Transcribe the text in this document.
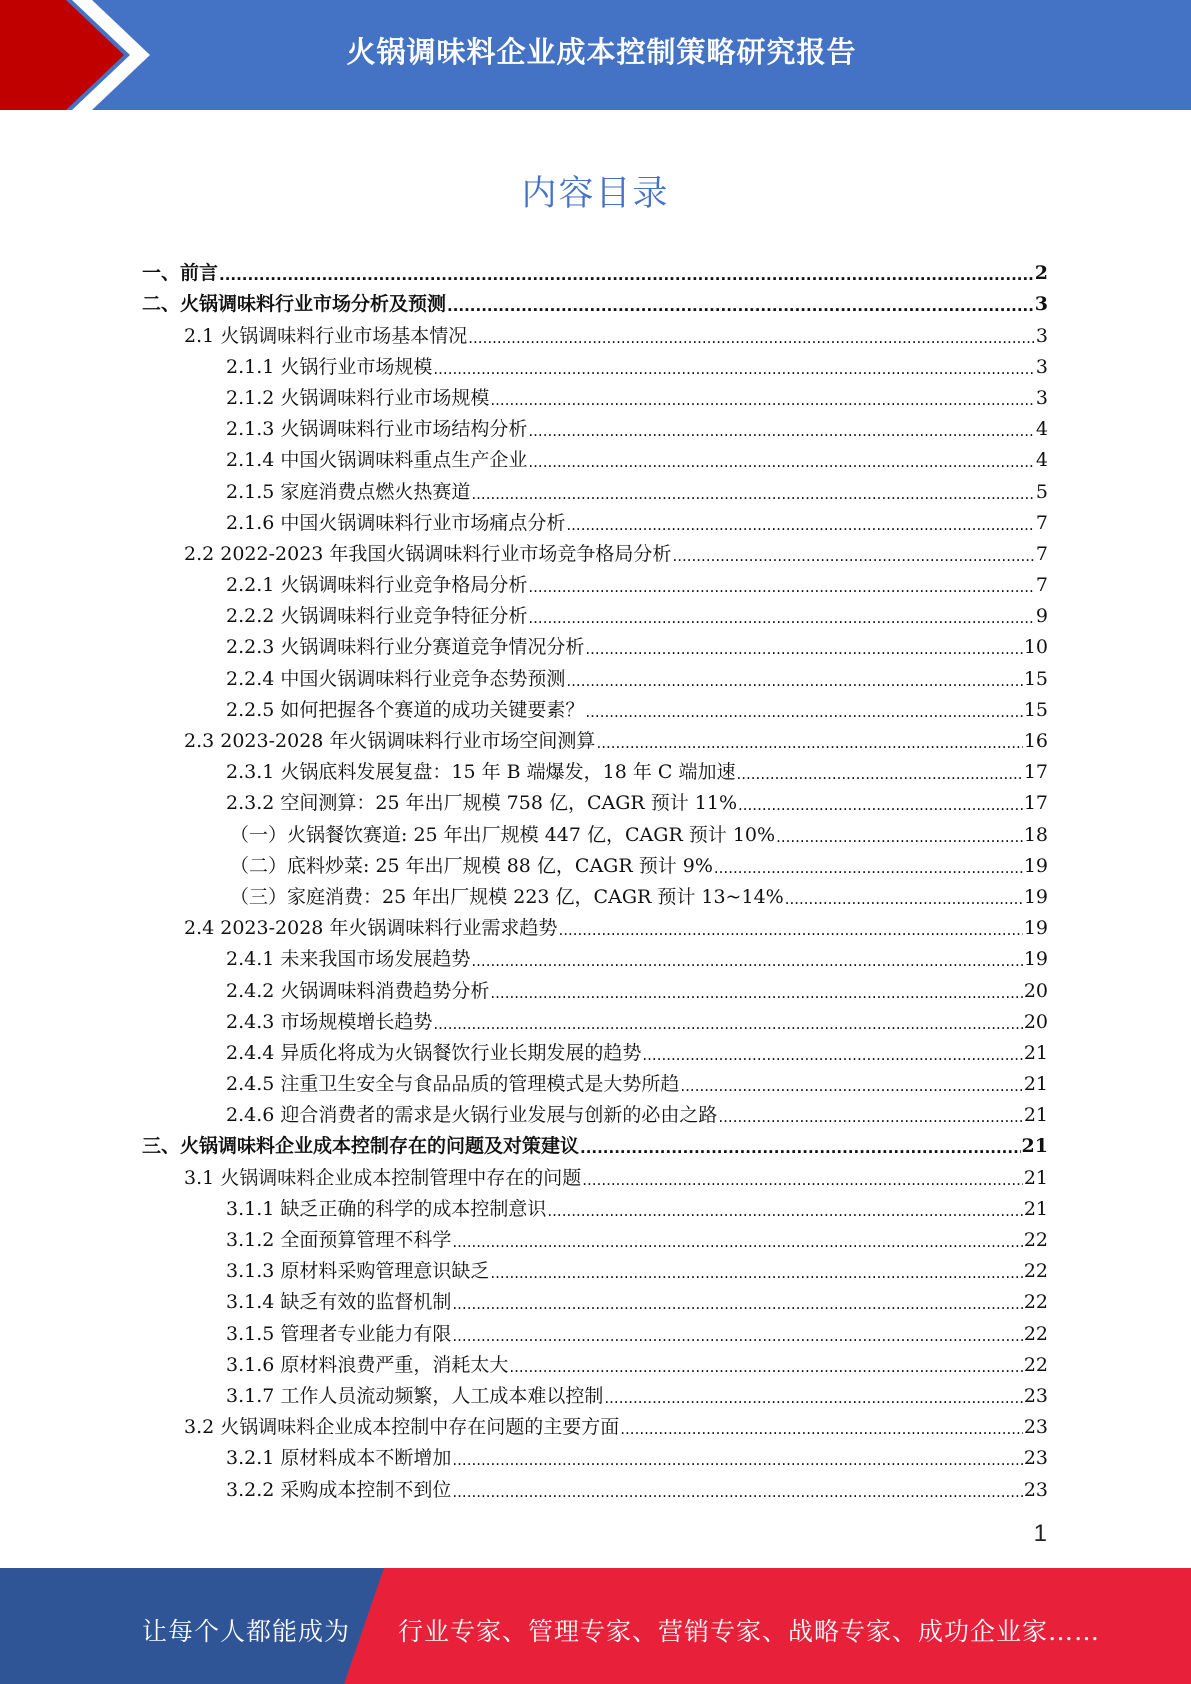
火锅调味料企业成本控制策略研究报告
内容目录
一、前言 .....	2
二、火锅调味料行业市场分析及预测 .....	3
2.1 火锅调味料行业市场基本情况 .....	3
2.1.1 火锅行业市场规模 .....	3
2.1.2 火锅调味料行业市场规模 .....	3
2.1.3 火锅调味料行业市场结构分析 .....	4
2.1.4 中国火锅调味料重点生产企业 .....	4
2.1.5 家庭消费点燃火热赛道 .....	5
2.1.6 中国火锅调味料行业市场痛点分析 .....	7
2.2 2022-2023 年我国火锅调味料行业市场竞争格局分析 .....	7
2.2.1 火锅调味料行业竞争格局分析 .....	7
2.2.2 火锅调味料行业竞争特征分析 .....	9
2.2.3 火锅调味料行业分赛道竞争情况分析 .....	10
2.2.4 中国火锅调味料行业竞争态势预测 .....	15
2.2.5 如何把握各个赛道的成功关键要素？ .....	15
2.3 2023-2028 年火锅调味料行业市场空间测算 .....	16
2.3.1 火锅底料发展复盘：15 年 B 端爆发，18 年 C 端加速 .....	17
2.3.2 空间测算：25 年出厂规模 758 亿，CAGR 预计 11% .....	17
（一）火锅餐饮赛道: 25 年出厂规模 447 亿，CAGR 预计 10% .....	18
（二）底料炒菜: 25 年出厂规模 88 亿，CAGR 预计 9% .....	19
（三）家庭消费：25 年出厂规模 223 亿，CAGR 预计 13~14% .....	19
2.4 2023-2028 年火锅调味料行业需求趋势 .....	19
2.4.1 未来我国市场发展趋势 .....	19
2.4.2 火锅调味料消费趋势分析 .....	20
2.4.3 市场规模增长趋势 .....	20
2.4.4 异质化将成为火锅餐饮行业长期发展的趋势 .....	21
2.4.5 注重卫生安全与食品品质的管理模式是大势所趋 .....	21
2.4.6 迎合消费者的需求是火锅行业发展与创新的必由之路 .....	21
三、火锅调味料企业成本控制存在的问题及对策建议 .....	21
3.1 火锅调味料企业成本控制管理中存在的问题 .....	21
3.1.1 缺乏正确的科学的成本控制意识 .....	21
3.1.2 全面预算管理不科学 .....	22
3.1.3 原材料采购管理意识缺乏 .....	22
3.1.4 缺乏有效的监督机制 .....	22
3.1.5 管理者专业能力有限 .....	22
3.1.6 原材料浪费严重，消耗太大 .....	22
3.1.7 工作人员流动频繁，人工成本难以控制 .....	23
3.2 火锅调味料企业成本控制中存在问题的主要方面 .....	23
3.2.1 原材料成本不断增加 .....	23
3.2.2 采购成本控制不到位 .....	23
1
让每个人都能成为 行业专家、管理专家、营销专家、战略专家、成功企业家……
